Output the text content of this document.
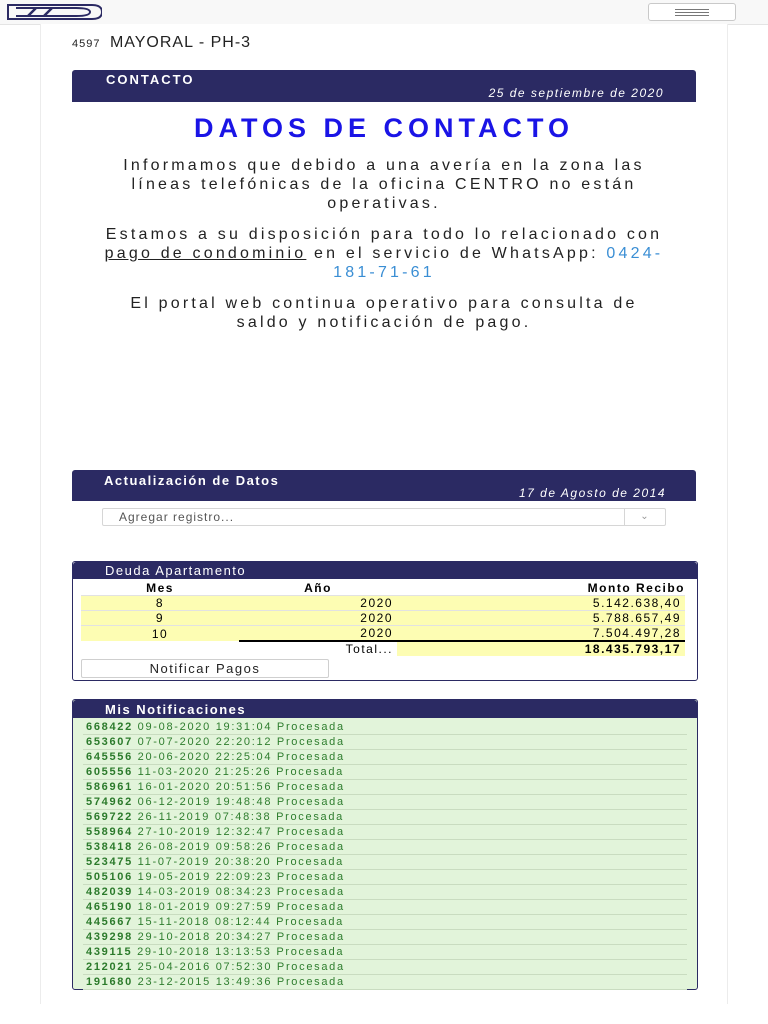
4597 MAYORAL - PH-3
CONTACTO
25 de septiembre de 2020
DATOS DE CONTACTO

Informamos que debido a una avería en la zona las líneas telefónicas de la oficina CENTRO no están operativas.

Estamos a su disposición para todo lo relacionado con pago de condominio en el servicio de WhatsApp: 0424-181-71-61

El portal web continua operativo para consulta de saldo y notificación de pago.

Actualización de Datos
17 de Agosto de 2014
Agregar registro...	⌄
Deuda Apartamento
Mes	Año	Monto Recibo
8	2020	5.142.638,40
9	2020	5.788.657,49
10	2020	7.504.497,28
	Total...	18.435.793,17
Notificar Pagos
Mis Notificaciones
668422 09-08-2020 19:31:04 Procesada
653607 07-07-2020 22:20:12 Procesada
645556 20-06-2020 22:25:04 Procesada
605556 11-03-2020 21:25:26 Procesada
586961 16-01-2020 20:51:56 Procesada
574962 06-12-2019 19:48:48 Procesada
569722 26-11-2019 07:48:38 Procesada
558964 27-10-2019 12:32:47 Procesada
538418 26-08-2019 09:58:26 Procesada
523475 11-07-2019 20:38:20 Procesada
505106 19-05-2019 22:09:23 Procesada
482039 14-03-2019 08:34:23 Procesada
465190 18-01-2019 09:27:59 Procesada
445667 15-11-2018 08:12:44 Procesada
439298 29-10-2018 20:34:27 Procesada
439115 29-10-2018 13:13:53 Procesada
212021 25-04-2016 07:52:30 Procesada
191680 23-12-2015 13:49:36 Procesada
